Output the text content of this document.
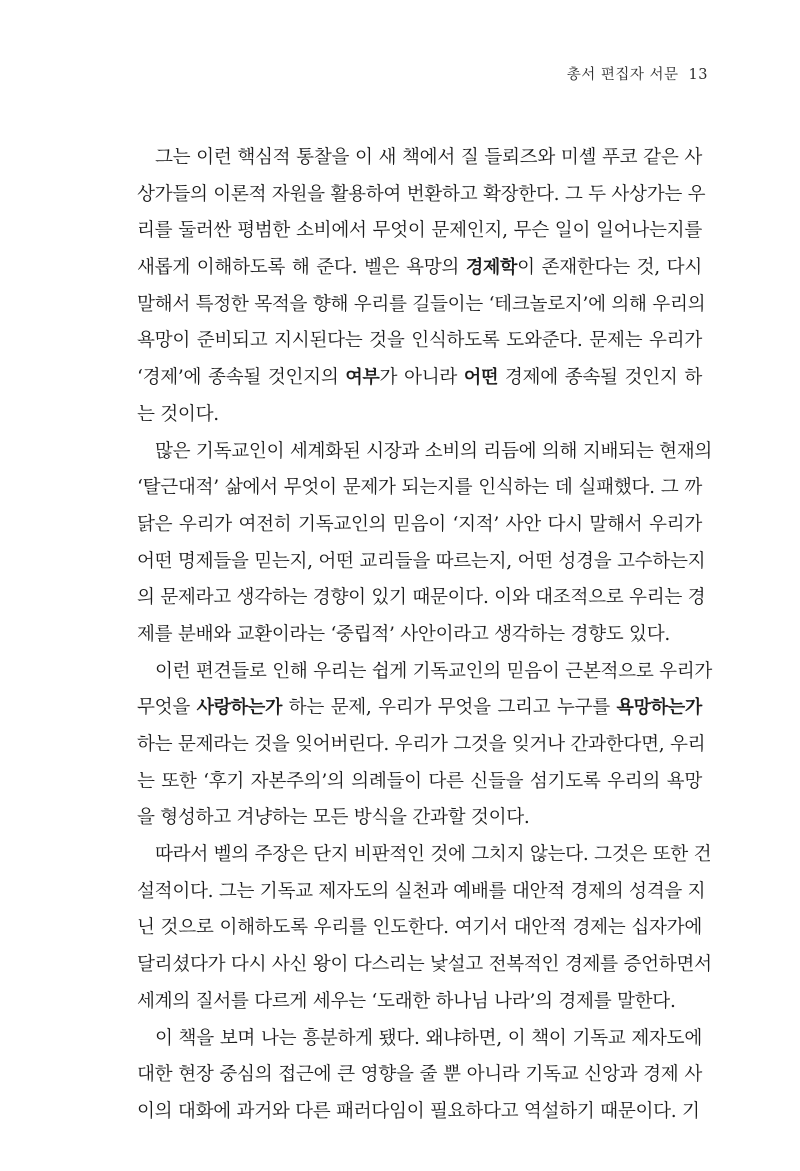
총서 편집자 서문 13
그는 이런 핵심적 통찰을 이 새 책에서 질 들뢰즈와 미셸 푸코 같은 사
상가들의 이론적 자원을 활용하여 번환하고 확장한다. 그 두 사상가는 우
리를 둘러싼 평범한 소비에서 무엇이 문제인지, 무슨 일이 일어나는지를
새롭게 이해하도록 해 준다. 벨은 욕망의 경제학이 존재한다는 것, 다시
말해서 특정한 목적을 향해 우리를 길들이는 ‘테크놀로지’에 의해 우리의
욕망이 준비되고 지시된다는 것을 인식하도록 도와준다. 문제는 우리가
‘경제’에 종속될 것인지의 여부가 아니라 어떤 경제에 종속될 것인지 하
는 것이다.
많은 기독교인이 세계화된 시장과 소비의 리듬에 의해 지배되는 현재의
‘탈근대적’ 삶에서 무엇이 문제가 되는지를 인식하는 데 실패했다. 그 까
닭은 우리가 여전히 기독교인의 믿음이 ‘지적’ 사안 다시 말해서 우리가
어떤 명제들을 믿는지, 어떤 교리들을 따르는지, 어떤 성경을 고수하는지
의 문제라고 생각하는 경향이 있기 때문이다. 이와 대조적으로 우리는 경
제를 분배와 교환이라는 ‘중립적’ 사안이라고 생각하는 경향도 있다.
이런 편견들로 인해 우리는 쉽게 기독교인의 믿음이 근본적으로 우리가
무엇을 사랑하는가 하는 문제, 우리가 무엇을 그리고 누구를 욕망하는가
하는 문제라는 것을 잊어버린다. 우리가 그것을 잊거나 간과한다면, 우리
는 또한 ‘후기 자본주의’의 의례들이 다른 신들을 섬기도록 우리의 욕망
을 형성하고 겨냥하는 모든 방식을 간과할 것이다.
따라서 벨의 주장은 단지 비판적인 것에 그치지 않는다. 그것은 또한 건
설적이다. 그는 기독교 제자도의 실천과 예배를 대안적 경제의 성격을 지
닌 것으로 이해하도록 우리를 인도한다. 여기서 대안적 경제는 십자가에
달리셨다가 다시 사신 왕이 다스리는 낯설고 전복적인 경제를 증언하면서
세계의 질서를 다르게 세우는 ‘도래한 하나님 나라’의 경제를 말한다.
이 책을 보며 나는 흥분하게 됐다. 왜냐하면, 이 책이 기독교 제자도에
대한 현장 중심의 접근에 큰 영향을 줄 뿐 아니라 기독교 신앙과 경제 사
이의 대화에 과거와 다른 패러다임이 필요하다고 역설하기 때문이다. 기
